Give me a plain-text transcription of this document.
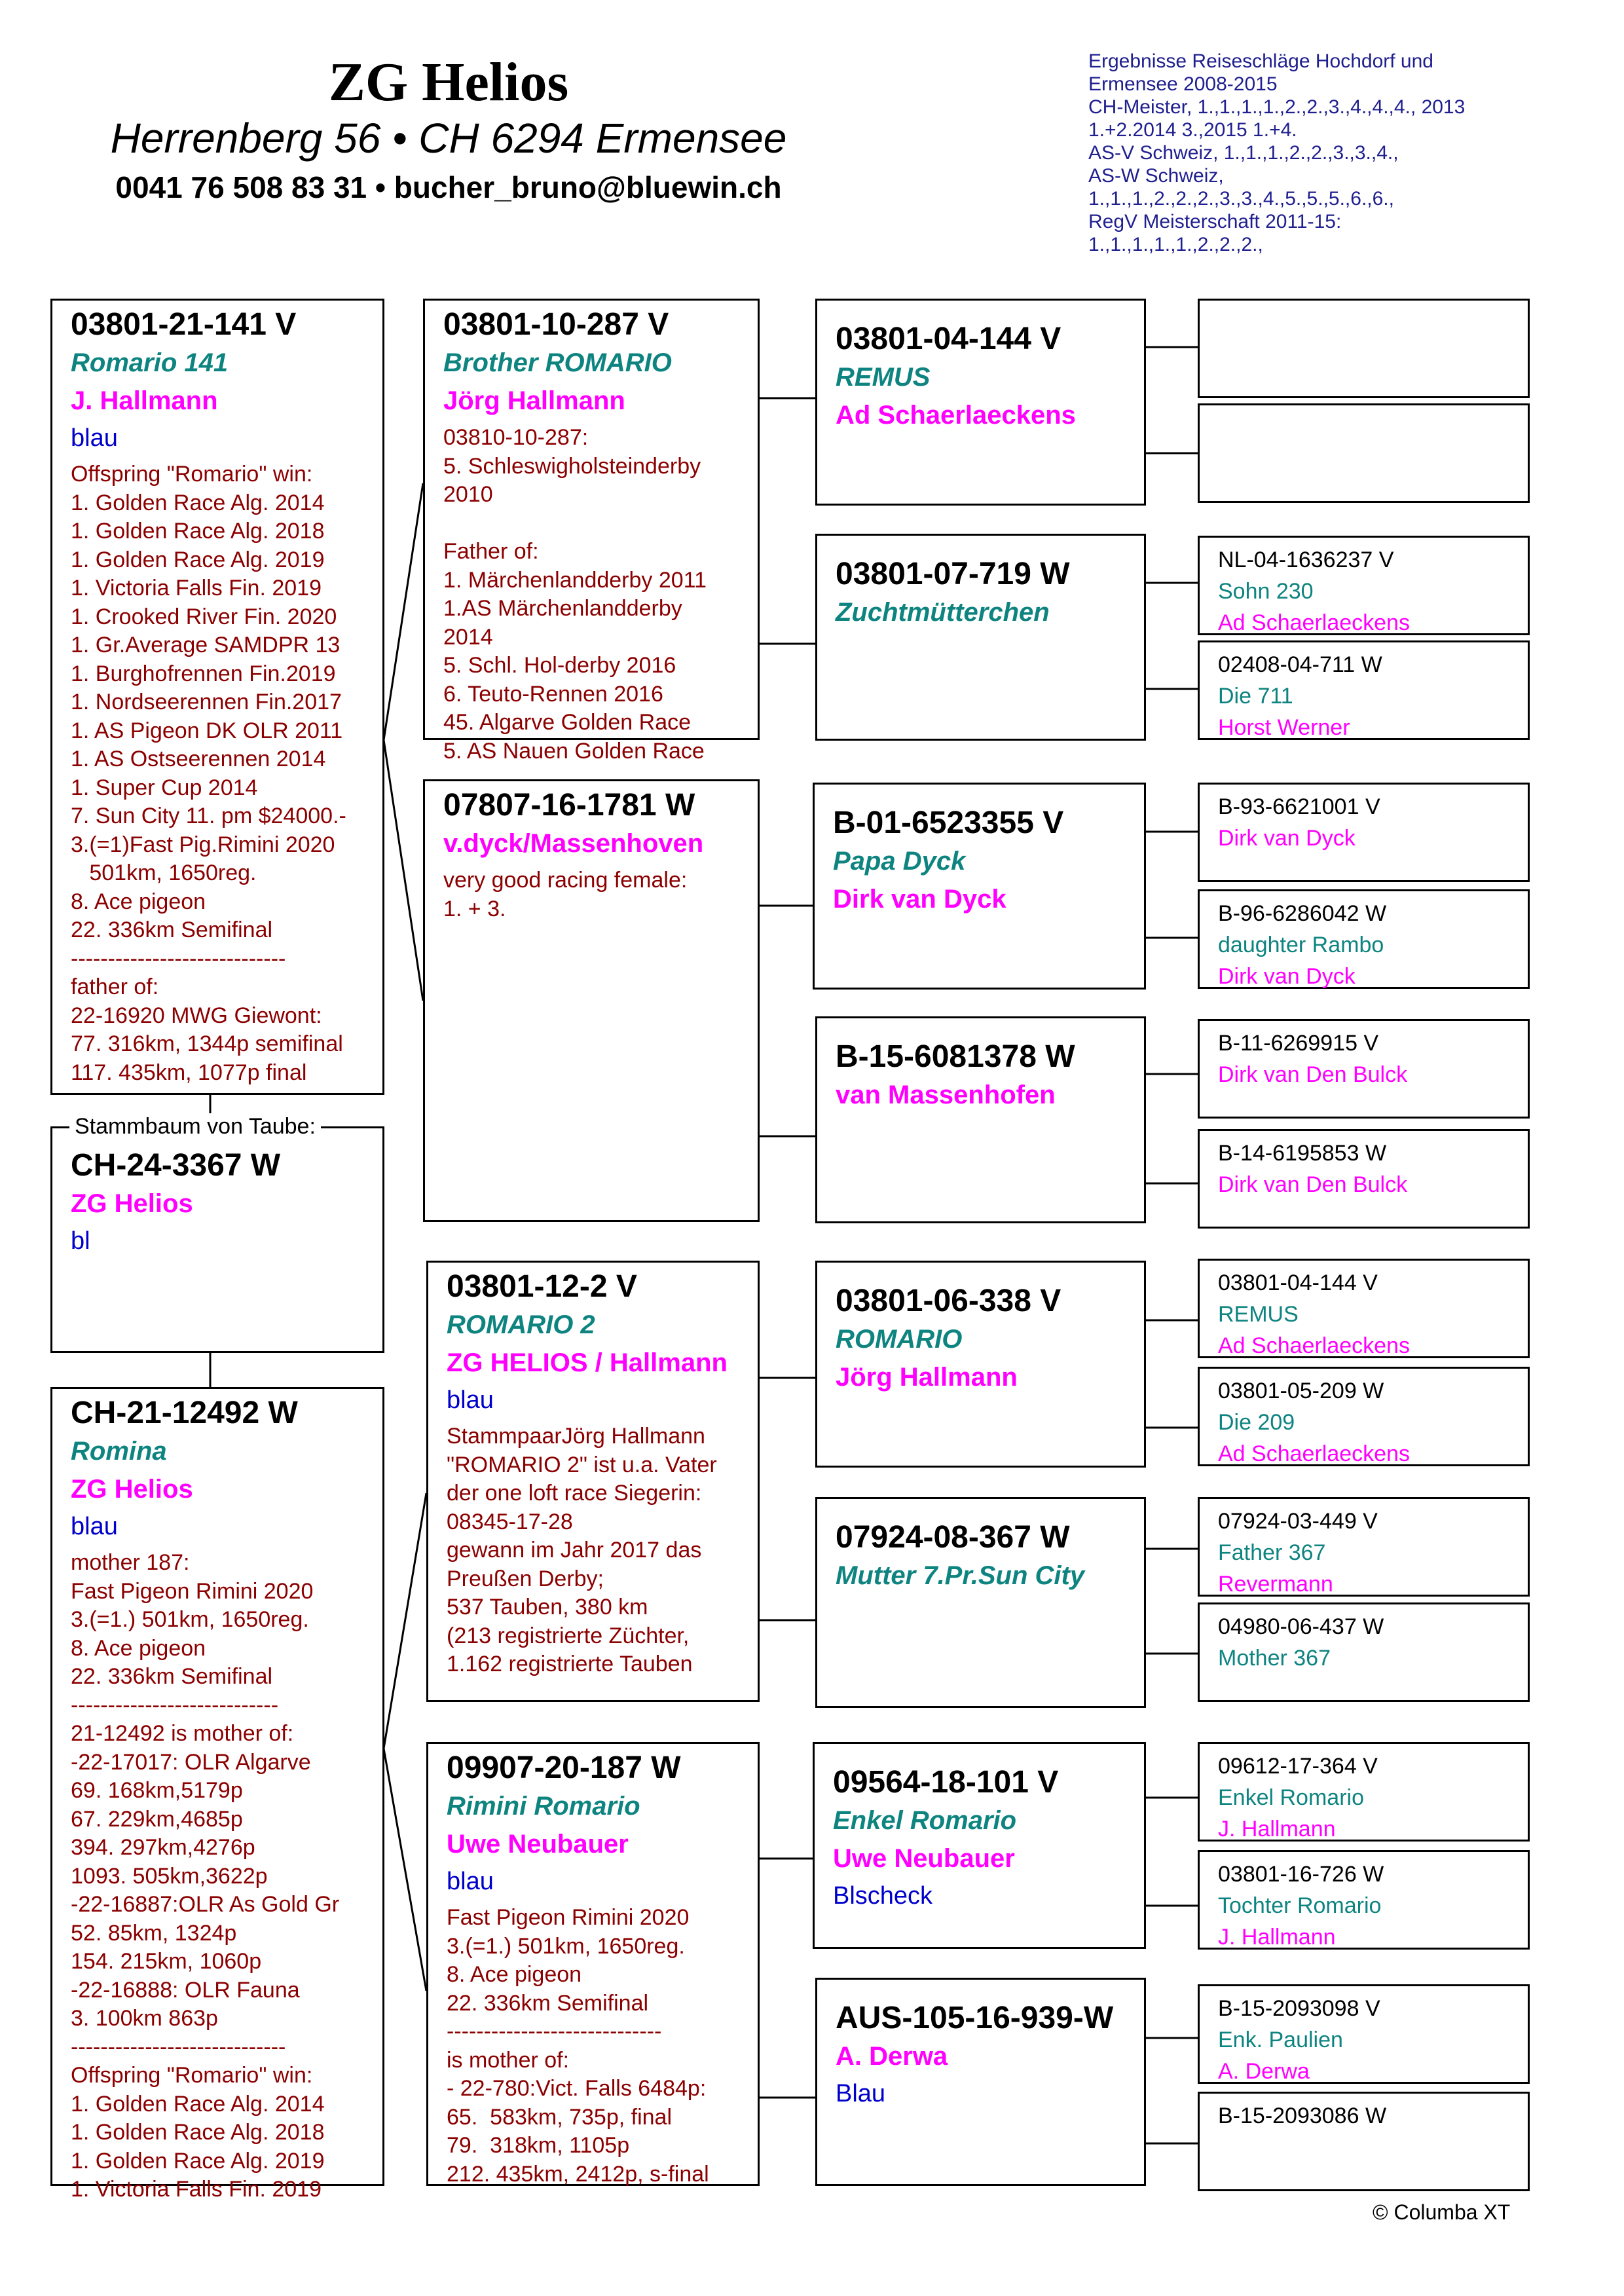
ZG Helios
Herrenberg 56 • CH 6294 Ermensee
0041 76 508 83 31 • bucher_bruno@bluewin.ch
Ergebnisse Reiseschläge Hochdorf und
Ermensee 2008-2015
CH-Meister, 1.,1.,1.,1.,2.,2.,3.,4.,4.,4., 2013
1.+2.2014 3.,2015 1.+4.
AS-V Schweiz, 1.,1.,1.,2.,2.,3.,3.,4.,
AS-W Schweiz,
1.,1.,1.,2.,2.,2.,3.,3.,4.,5.,5.,5.,6.,6.,
RegV Meisterschaft 2011-15:
1.,1.,1.,1.,1.,2.,2.,2.,
03801-21-141 V
Romario 141
J. Hallmann
blau
Offspring "Romario" win:
1. Golden Race Alg. 2014
1. Golden Race Alg. 2018
1. Golden Race Alg. 2019
1. Victoria Falls Fin. 2019
1. Crooked River Fin. 2020
1. Gr.Average SAMDPR 13
1. Burghofrennen Fin.2019
1. Nordseerennen Fin.2017
1. AS Pigeon DK OLR 2011
1. AS Ostseerennen 2014
1. Super Cup 2014
7. Sun City 11. pm $24000.-
3.(=1)Fast Pig.Rimini 2020
501km, 1650reg.
8. Ace pigeon
22. 336km Semifinal
-----------------------------
father of:
22-16920 MWG Giewont:
77. 316km, 1344p semifinal
117. 435km, 1077p final
CH-24-3367 W
ZG Helios
bl
Stammbaum von Taube:
CH-21-12492 W
Romina
ZG Helios
blau
mother 187:
Fast Pigeon Rimini 2020
3.(=1.) 501km, 1650reg.
8. Ace pigeon
22. 336km Semifinal
----------------------------
21-12492 is mother of:
-22-17017: OLR Algarve
69. 168km,5179p
67. 229km,4685p
394. 297km,4276p
1093. 505km,3622p
-22-16887:OLR As Gold Gr
52. 85km, 1324p
154. 215km, 1060p
-22-16888: OLR Fauna
3. 100km 863p
-----------------------------
Offspring "Romario" win:
1. Golden Race Alg. 2014
1. Golden Race Alg. 2018
1. Golden Race Alg. 2019
1. Victoria Falls Fin. 2019
03801-10-287 V
Brother ROMARIO
Jörg Hallmann
03810-10-287:
5. Schleswigholsteinderby
2010

Father of:
1. Märchenlandderby 2011
1.AS Märchenlandderby
2014
5. Schl. Hol-derby 2016
6. Teuto-Rennen 2016
45. Algarve Golden Race
5. AS Nauen Golden Race
07807-16-1781 W
v.dyck/Massenhoven
very good racing female:
1. + 3.
03801-12-2 V
ROMARIO 2
ZG HELIOS / Hallmann
blau
StammpaarJörg Hallmann
"ROMARIO 2" ist u.a. Vater
der one loft race Siegerin:
08345-17-28
gewann im Jahr 2017 das
Preußen Derby;
537 Tauben, 380 km
(213 registrierte Züchter,
1.162 registrierte Tauben
09907-20-187 W
Rimini Romario
Uwe Neubauer
blau
Fast Pigeon Rimini 2020
3.(=1.) 501km, 1650reg.
8. Ace pigeon
22. 336km Semifinal
-----------------------------
is mother of:
- 22-780:Vict. Falls 6484p:
65.  583km, 735p, final
79.  318km, 1105p
212. 435km, 2412p, s-final
03801-04-144 V
REMUS
Ad Schaerlaeckens
03801-07-719 W
Zuchtmütterchen
B-01-6523355 V
Papa Dyck
Dirk van Dyck
B-15-6081378 W
van Massenhofen
03801-06-338 V
ROMARIO
Jörg Hallmann
07924-08-367 W
Mutter 7.Pr.Sun City
09564-18-101 V
Enkel Romario
Uwe Neubauer
Blscheck
AUS-105-16-939-W
A. Derwa
Blau
NL-04-1636237 V
Sohn 230
Ad Schaerlaeckens
02408-04-711 W
Die 711
Horst Werner
B-93-6621001 V
Dirk van Dyck
B-96-6286042 W
daughter Rambo
Dirk van Dyck
B-11-6269915 V
Dirk van Den Bulck
B-14-6195853 W
Dirk van Den Bulck
03801-04-144 V
REMUS
Ad Schaerlaeckens
03801-05-209 W
Die 209
Ad Schaerlaeckens
07924-03-449 V
Father 367
Revermann
04980-06-437 W
Mother 367
09612-17-364 V
Enkel Romario
J. Hallmann
03801-16-726 W
Tochter Romario
J. Hallmann
B-15-2093098 V
Enk. Paulien
A. Derwa
B-15-2093086 W
© Columba XT
